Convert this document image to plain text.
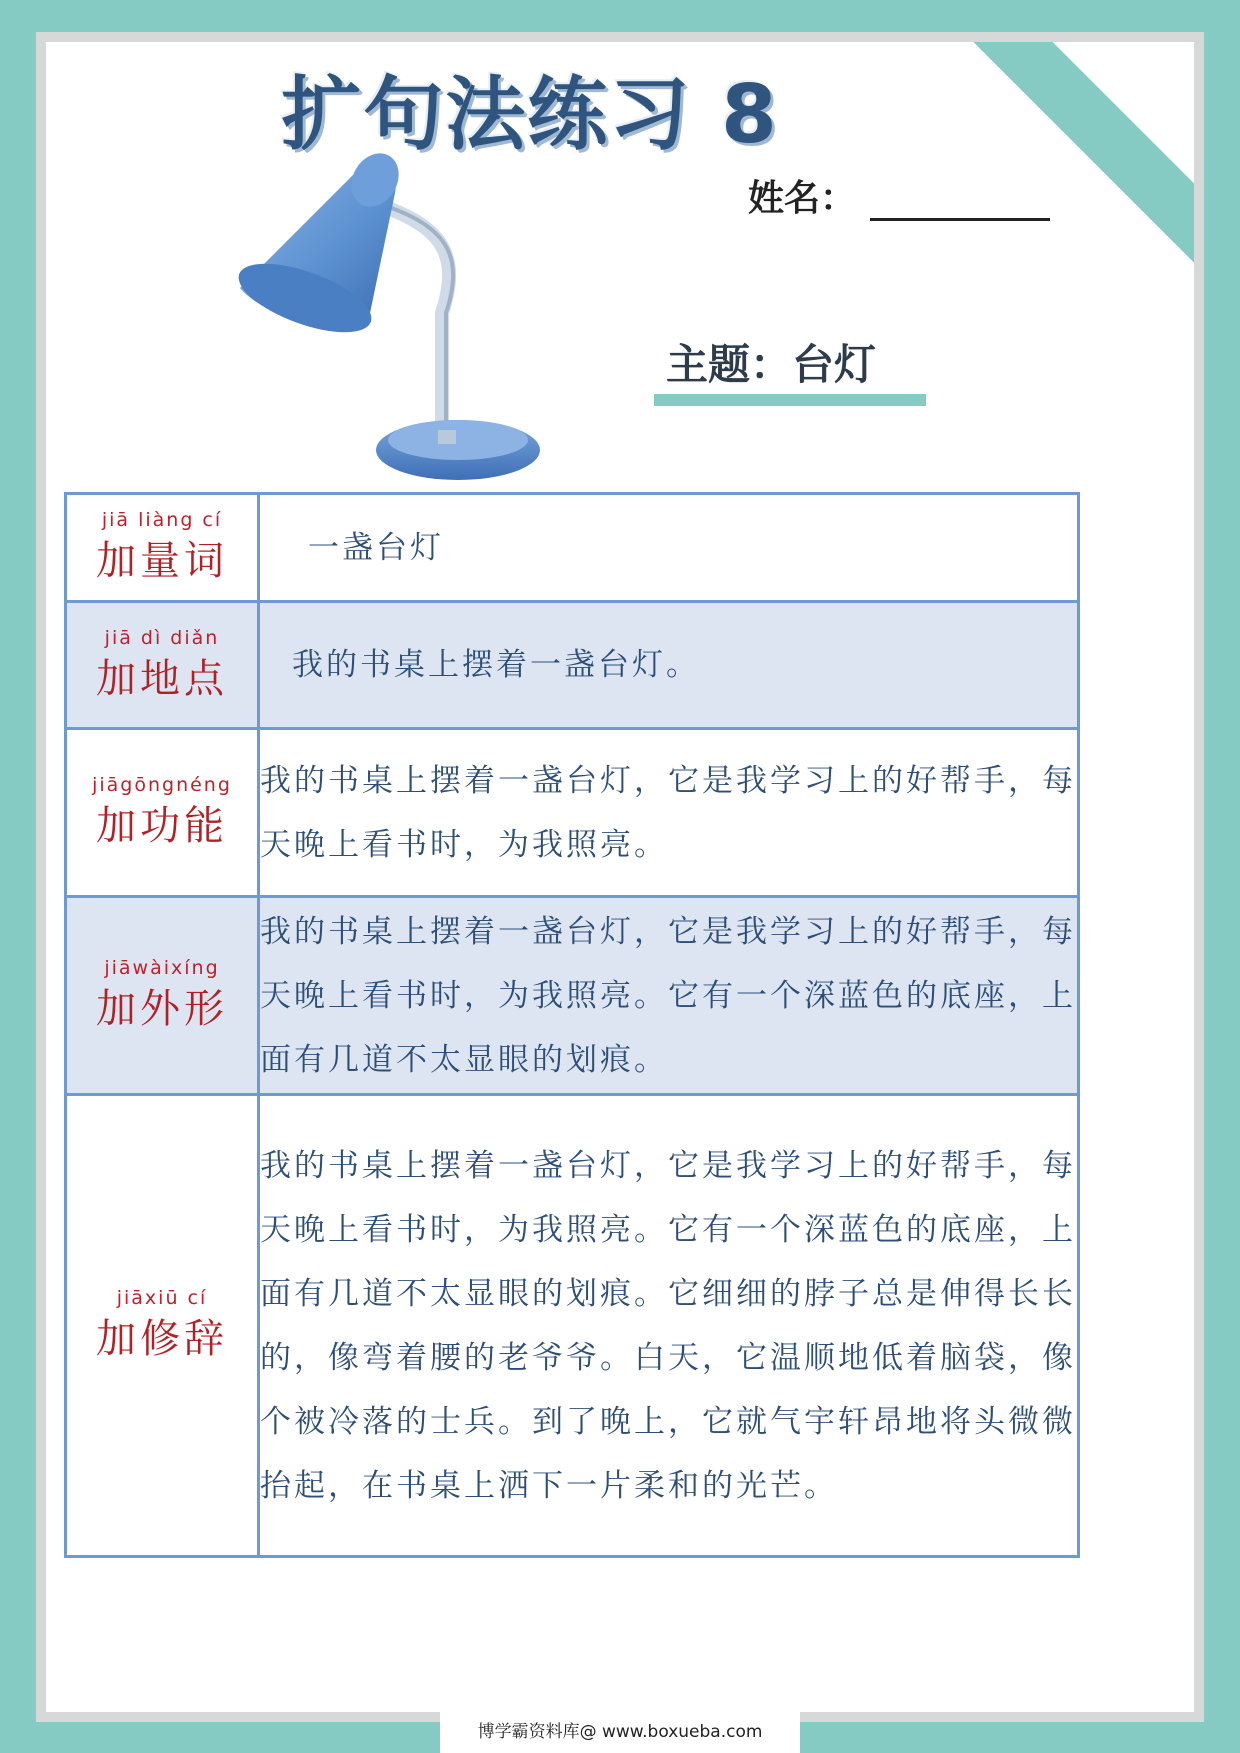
扩句法练习 8
姓名：
主题：台灯
jiā liàng cí
加量词	一盏台灯

jiā dì diǎn
加地点	我的书桌上摆着一盏台灯。

jiāgōngnéng
加功能	我的书桌上摆着一盏台灯，它是我学习上的好帮手，每天晚上看书时，为我照亮。

jiāwàixíng
加外形	我的书桌上摆着一盏台灯，它是我学习上的好帮手，每天晚上看书时，为我照亮。它有一个深蓝色的底座，上面有几道不太显眼的划痕。

jiāxiū cí
加修辞	我的书桌上摆着一盏台灯，它是我学习上的好帮手，每天晚上看书时，为我照亮。它有一个深蓝色的底座，上面有几道不太显眼的划痕。它细细的脖子总是伸得长长的，像弯着腰的老爷爷。白天，它温顺地低着脑袋，像个被冷落的士兵。到了晚上，它就气宇轩昂地将头微微抬起，在书桌上洒下一片柔和的光芒。
博学霸资料库@ www.boxueba.com
